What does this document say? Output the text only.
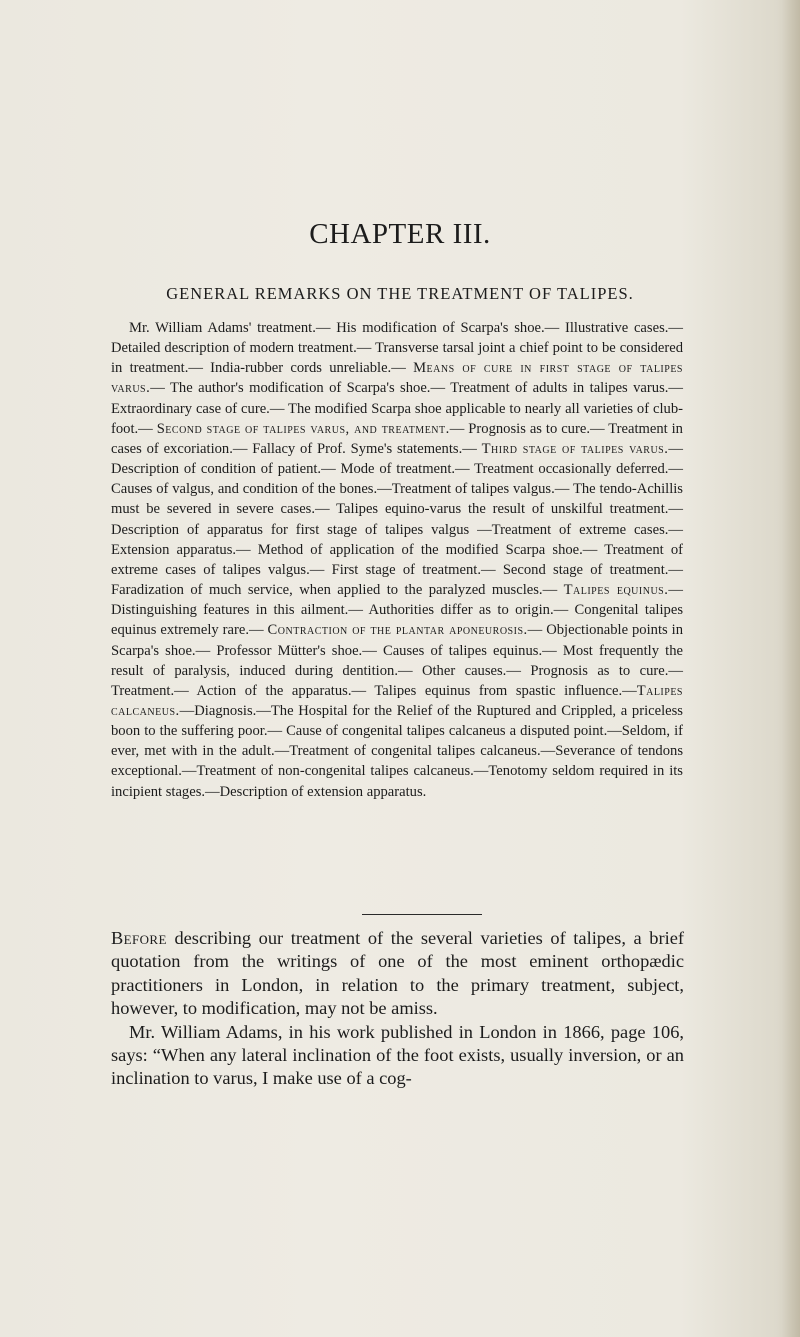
CHAPTER III.
GENERAL REMARKS ON THE TREATMENT OF TALIPES.

Mr. William Adams' treatment.— His modification of Scarpa's shoe.— Illustrative cases.— Detailed description of modern treatment.— Transverse tarsal joint a chief point to be considered in treatment.— India-rubber cords unreliable.— Means of cure in first stage of talipes varus.— The author's modification of Scarpa's shoe.— Treatment of adults in talipes varus.— Extraordinary case of cure.— The modified Scarpa shoe applicable to nearly all varieties of club-foot.— Second stage of talipes varus, and treatment.— Prognosis as to cure.— Treatment in cases of excoriation.— Fallacy of Prof. Syme's statements.— Third stage of talipes varus.— Description of condition of patient.— Mode of treatment.— Treatment occasionally deferred.— Causes of valgus, and condition of the bones.—Treatment of talipes valgus.— The tendo-Achillis must be severed in severe cases.— Talipes equino-varus the result of unskilful treatment.— Description of apparatus for first stage of talipes valgus —Treatment of extreme cases.— Extension apparatus.— Method of application of the modified Scarpa shoe.— Treatment of extreme cases of talipes valgus.— First stage of treatment.— Second stage of treatment.— Faradization of much service, when applied to the paralyzed muscles.— Talipes equinus.— Distinguishing features in this ailment.— Authorities differ as to origin.— Congenital talipes equinus extremely rare.— Contraction of the plantar aponeurosis.— Objectionable points in Scarpa's shoe.— Professor Mütter's shoe.— Causes of talipes equinus.— Most frequently the result of paralysis, induced during dentition.— Other causes.— Prognosis as to cure.— Treatment.— Action of the apparatus.— Talipes equinus from spastic influence.—Talipes calcaneus.—Diagnosis.—The Hospital for the Relief of the Ruptured and Crippled, a priceless boon to the suffering poor.— Cause of congenital talipes calcaneus a disputed point.—Seldom, if ever, met with in the adult.—Treatment of congenital talipes calcaneus.—Severance of tendons exceptional.—Treatment of non-congenital talipes calcaneus.—Tenotomy seldom required in its incipient stages.—Description of extension apparatus.

Before describing our treatment of the several varieties of talipes, a brief quotation from the writings of one of the most eminent orthopædic practitioners in London, in relation to the primary treatment, subject, however, to modification, may not be amiss.

Mr. William Adams, in his work published in London in 1866, page 106, says: “When any lateral inclination of the foot exists, usually inversion, or an inclination to varus, I make use of a cog-
